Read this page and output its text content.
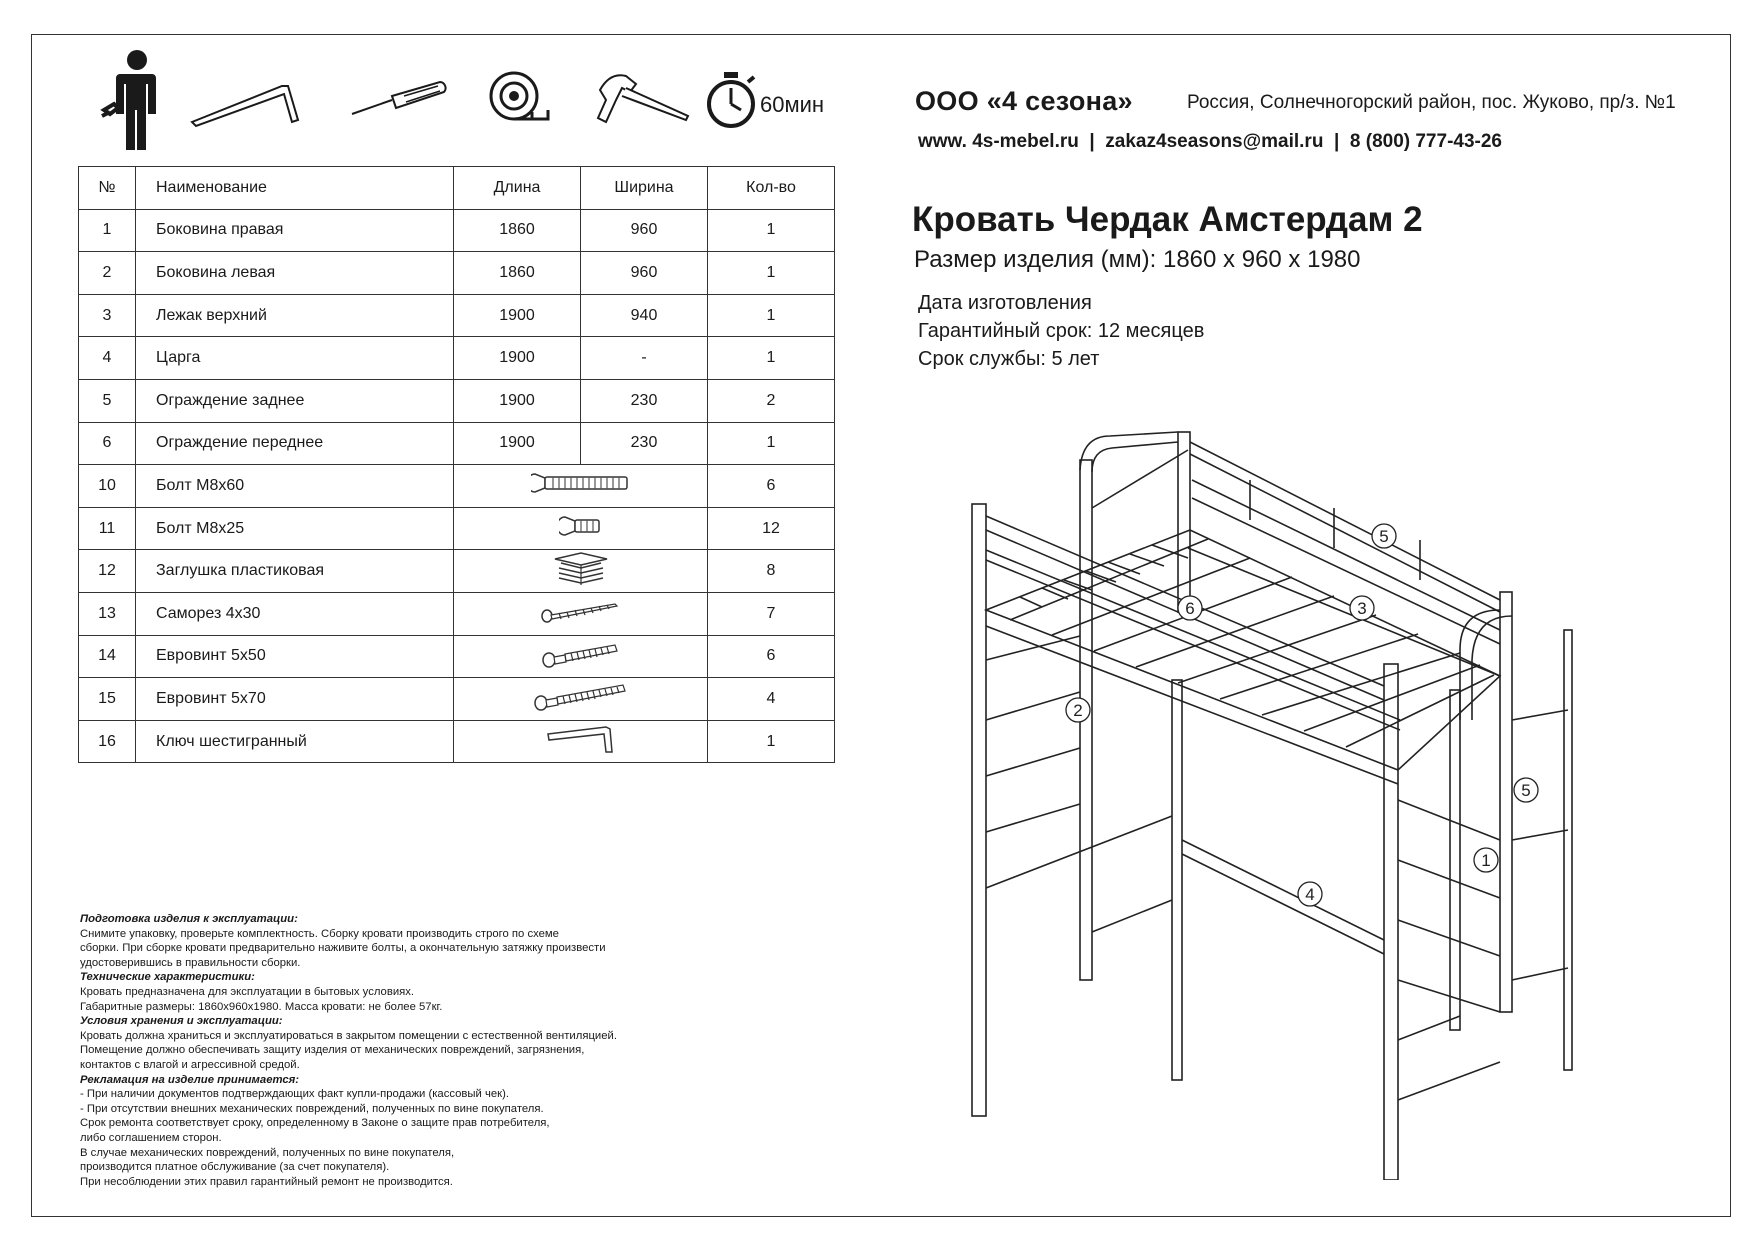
60мин	ООО «4 сезона»	Россия, Солнечногорский район, пос. Жуково, пр/з. №1
www. 4s-mebel.ru | zakaz4seasons@mail.ru | 8 (800) 777-43-26
Кровать Чердак Амстердам 2
Размер изделия (мм): 1860 х 960 х 1980
Дата изготовления
Гарантийный срок: 12 месяцев
Срок службы: 5 лет
№	Наименование	Длина	Ширина	Кол-во
1	Боковина правая	1860	960	1
2	Боковина левая	1860	960	1
3	Лежак верхний	1900	940	1
4	Царга	1900	-	1
5	Ограждение заднее	1900	230	2
6	Ограждение переднее	1900	230	1
10	Болт М8х60			6
11	Болт М8х25			12
12	Заглушка пластиковая			8
13	Саморез 4х30			7
14	Евровинт 5х50			6
15	Евровинт 5х70			4
16	Ключ шестигранный			1
Подготовка изделия к эксплуатации:
Снимите упаковку, проверьте комплектность. Сборку кровати производить строго по схеме
сборки. При сборке кровати предварительно наживите болты, а окончательную затяжку произвести
удостоверившись в правильности сборки.
Технические характеристики:
Кровать предназначена для эксплуатации в бытовых условиях.
Габаритные размеры: 1860х960х1980. Масса кровати: не более 57кг.
Условия хранения и эксплуатации:
Кровать должна храниться и эксплуатироваться в закрытом помещении с естественной вентиляцией.
Помещение должно обеспечивать защиту изделия от механических повреждений, загрязнения,
контактов с влагой и агрессивной средой.
Рекламация на изделие принимается:
- При наличии документов подтверждающих факт купли-продажи (кассовый чек).
- При отсутствии внешних механических повреждений, полученных по вине покупателя.
Срок ремонта соответствует сроку, определенному в Законе о защите прав потребителя,
либо соглашением сторон.
В случае механических повреждений, полученных по вине покупателя,
производится платное обслуживание (за счет покупателя).
При несоблюдении этих правил гарантийный ремонт не производится.
5
3
6
2
5
1
4
